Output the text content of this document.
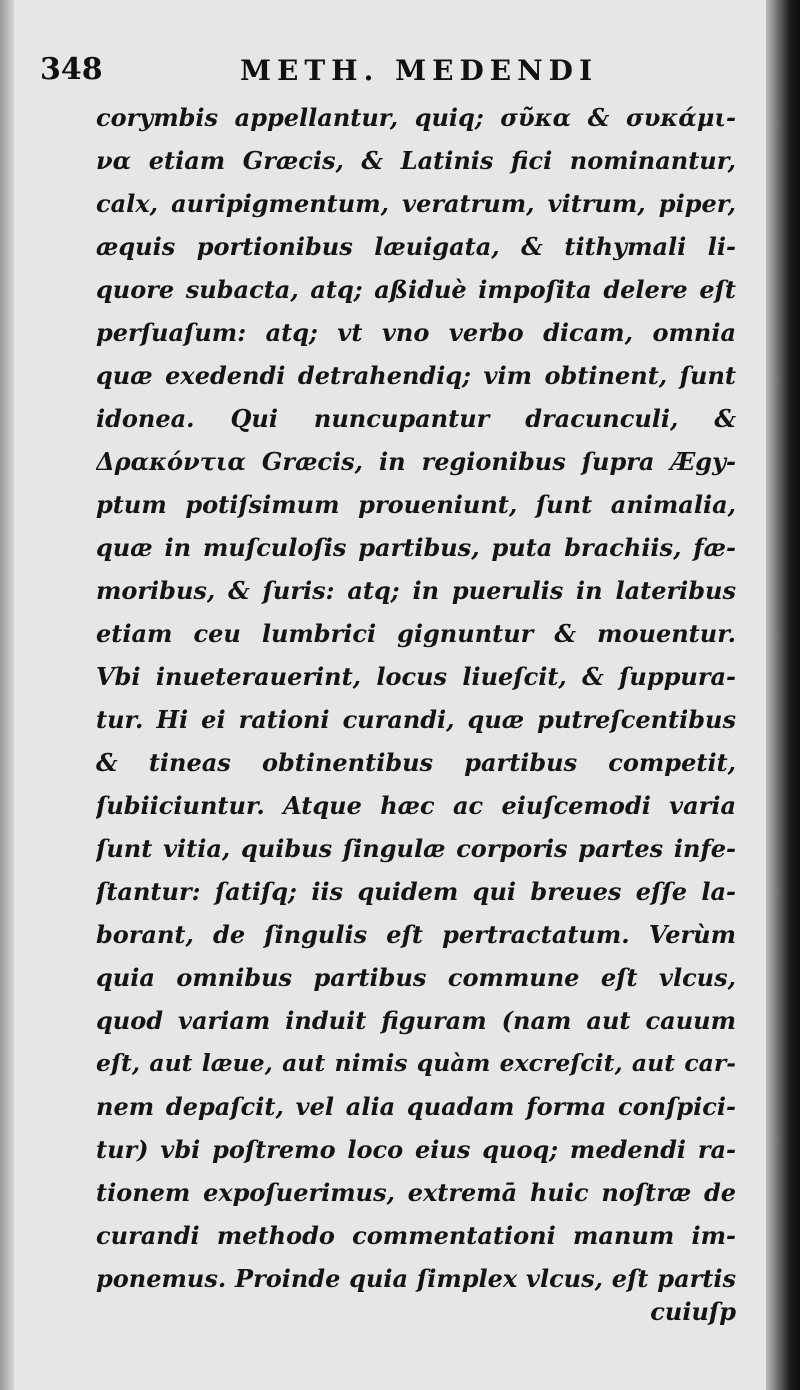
348	METH. MEDENDI
corymbis appellantur, quiq; σῦκα & συκάμι-
να etiam Græcis, & Latinis fici nominantur,
calx, auripigmentum, veratrum, vitrum, piper,
æquis portionibus læuigata, & tithymali li-
quore subacta, atq; aßiduè impoſita delere eſt
perſuaſum: atq; vt vno verbo dicam, omnia
quæ exedendi detrahendiq; vim obtinent, ſunt
idonea. Qui nuncupantur dracunculi, &
Δρακόντια Græcis, in regionibus ſupra Ægy-
ptum potiſsimum proueniunt, ſunt animalia,
quæ in muſculoſis partibus, puta brachiis, fæ-
moribus, & ſuris: atq; in puerulis in lateribus
etiam ceu lumbrici gignuntur & mouentur.
Vbi inueterauerint, locus liueſcit, & ſuppura-
tur. Hi ei rationi curandi, quæ putreſcentibus
& tineas obtinentibus partibus competit,
ſubiiciuntur. Atque hæc ac eiuſcemodi varia
ſunt vitia, quibus ſingulæ corporis partes infe-
ſtantur: ſatiſq; iis quidem qui breues eſſe la-
borant, de ſingulis eſt pertractatum. Verùm
quia omnibus partibus commune eſt vlcus,
quod variam induit figuram (nam aut cauum
eſt, aut læue, aut nimis quàm excreſcit, aut car-
nem depaſcit, vel alia quadam forma conſpici-
tur) vbi poſtremo loco eius quoq; medendi ra-
tionem expoſuerimus, extremā huic noſtræ de
curandi methodo commentationi manum im-
ponemus. Proinde quia ſimplex vlcus, eſt partis
cuiuſp
